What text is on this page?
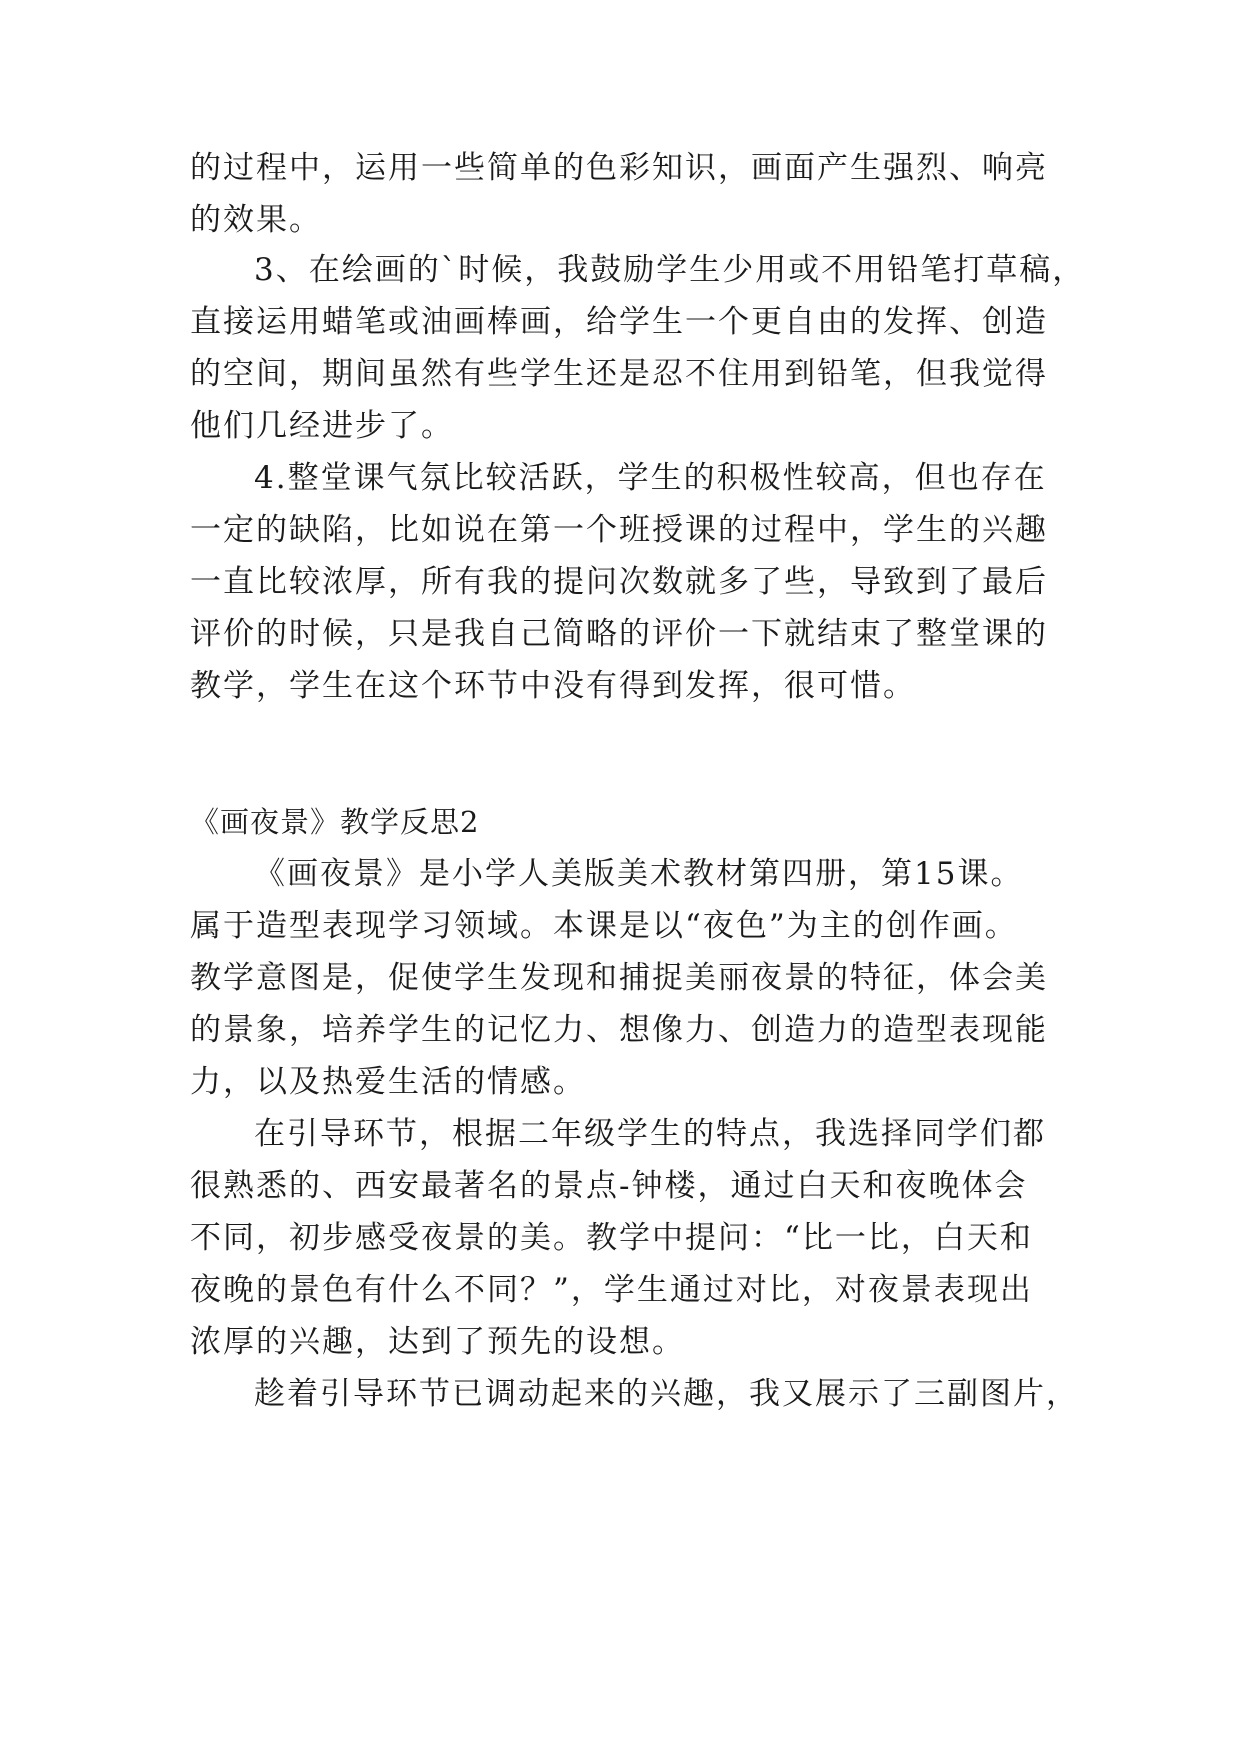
的过程中，运用一些简单的色彩知识，画面产生强烈、响亮

的效果。

3、在绘画的`时候，我鼓励学生少用或不用铅笔打草稿，

直接运用蜡笔或油画棒画，给学生一个更自由的发挥、创造

的空间，期间虽然有些学生还是忍不住用到铅笔，但我觉得

他们几经进步了。

4.整堂课气氛比较活跃，学生的积极性较高，但也存在

一定的缺陷，比如说在第一个班授课的过程中，学生的兴趣

一直比较浓厚，所有我的提问次数就多了些，导致到了最后

评价的时候，只是我自己简略的评价一下就结束了整堂课的

教学，学生在这个环节中没有得到发挥，很可惜。

《画夜景》教学反思2

《画夜景》是小学人美版美术教材第四册，第15课。

属于造型表现学习领域。本课是以“夜色”为主的创作画。

教学意图是，促使学生发现和捕捉美丽夜景的特征，体会美

的景象，培养学生的记忆力、想像力、创造力的造型表现能

力，以及热爱生活的情感。

在引导环节，根据二年级学生的特点，我选择同学们都

很熟悉的、西安最著名的景点-钟楼，通过白天和夜晚体会

不同，初步感受夜景的美。教学中提问：“比一比，白天和

夜晚的景色有什么不同？”，学生通过对比，对夜景表现出

浓厚的兴趣，达到了预先的设想。

趁着引导环节已调动起来的兴趣，我又展示了三副图片，
